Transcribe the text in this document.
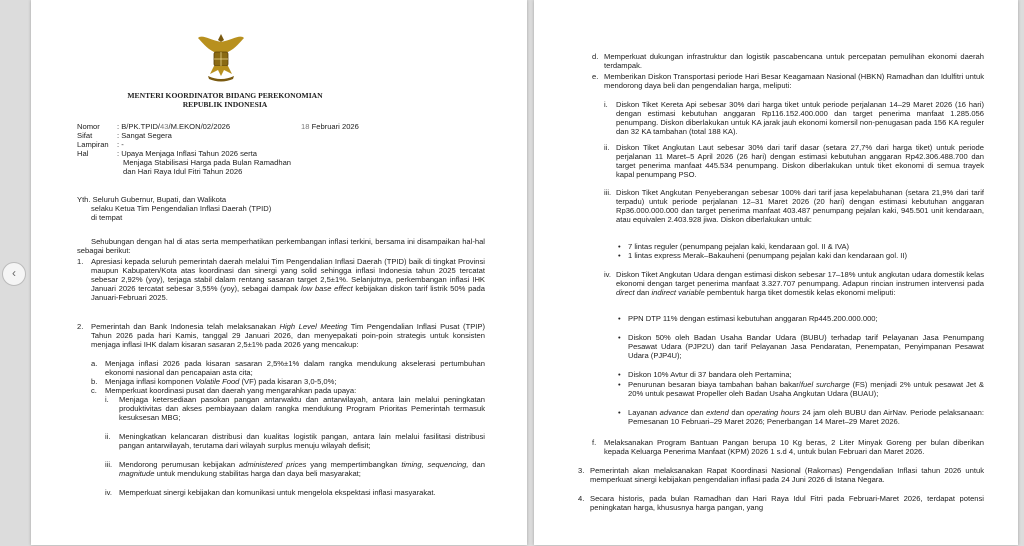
‹
MENTERI KOORDINATOR BIDANG PEREKONOMIAN
REPUBLIK INDONESIA
Nomor : B/PK.TPID/43/M.EKON/02/2026	18 Februari 2026
Sifat	: Sangat Segera
Lampiran : -
Hal	: Upaya Menjaga Inflasi Tahun 2026 serta
Menjaga Stabilisasi Harga pada Bulan Ramadhan
dan Hari Raya Idul Fitri Tahun 2026
Yth. Seluruh Gubernur, Bupati, dan Walikota
selaku Ketua Tim Pengendalian Inflasi Daerah (TPID)
di tempat
Sehubungan dengan hal di atas serta memperhatikan perkembangan inflasi terkini, bersama ini disampaikan hal-hal sebagai berikut:
1. Apresiasi kepada seluruh pemerintah daerah melalui Tim Pengendalian Inflasi Daerah (TPID) baik di tingkat Provinsi maupun Kabupaten/Kota atas koordinasi dan sinergi yang solid sehingga inflasi Indonesia tahun 2025 tercatat sebesar 2,92% (yoy), terjaga stabil dalam rentang sasaran target 2,5±1%. Selanjutnya, perkembangan inflasi IHK Januari 2026 tercatat sebesar 3,55% (yoy), sebagai dampak low base effect kebijakan diskon tarif listrik 50% pada Januari-Februari 2025.
2. Pemerintah dan Bank Indonesia telah melaksanakan High Level Meeting Tim Pengendalian Inflasi Pusat (TPIP) Tahun 2026 pada hari Kamis, tanggal 29 Januari 2026, dan menyepakati poin-poin strategis untuk konsisten menjaga inflasi IHK dalam kisaran sasaran 2,5±1% pada 2026 yang mencakup:
a. Menjaga inflasi 2026 pada kisaran sasaran 2,5%±1% dalam rangka mendukung akselerasi pertumbuhan ekonomi nasional dan pencapaian asta cita;
b. Menjaga inflasi komponen Volatile Food (VF) pada kisaran 3,0-5,0%;
c. Memperkuat koordinasi pusat dan daerah yang mengarahkan pada upaya:
i. Menjaga ketersediaan pasokan pangan antarwaktu dan antarwilayah, antara lain melalui peningkatan produktivitas dan akses pembiayaan dalam rangka mendukung Program Prioritas Pemerintah termasuk kesuksesan MBG;
ii. Meningkatkan kelancaran distribusi dan kualitas logistik pangan, antara lain melalui fasilitasi distribusi pangan antarwilayah, terutama dari wilayah surplus menuju wilayah defisit;
iii. Mendorong perumusan kebijakan administered prices yang mempertimbangkan timing, sequencing, dan magnitude untuk mendukung stabilitas harga dan daya beli masyarakat;
iv. Memperkuat sinergi kebijakan dan komunikasi untuk mengelola ekspektasi inflasi masyarakat.
d. Memperkuat dukungan infrastruktur dan logistik pascabencana untuk percepatan pemulihan ekonomi daerah terdampak.
e. Memberikan Diskon Transportasi periode Hari Besar Keagamaan Nasional (HBKN) Ramadhan dan Idulfitri untuk mendorong daya beli dan pengendalian harga, meliputi:
i. Diskon Tiket Kereta Api sebesar 30% dari harga tiket untuk periode perjalanan 14–29 Maret 2026 (16 hari) dengan estimasi kebutuhan anggaran Rp116.152.400.000 dan target penerima manfaat 1.285.056 penumpang. Diskon diberlakukan untuk KA jarak jauh ekonomi komersil non-penugasan pada 156 KA reguler dan 32 KA tambahan (total 188 KA).
ii. Diskon Tiket Angkutan Laut sebesar 30% dari tarif dasar (setara 27,7% dari harga tiket) untuk periode perjalanan 11 Maret–5 April 2026 (26 hari) dengan estimasi kebutuhan anggaran Rp42.306.488.700 dan target penerima manfaat 445.534 penumpang. Diskon diberlakukan untuk tiket ekonomi di semua trayek kapal penumpang PSO.
iii. Diskon Tiket Angkutan Penyeberangan sebesar 100% dari tarif jasa kepelabuhanan (setara 21,9% dari tarif terpadu) untuk periode perjalanan 12–31 Maret 2026 (20 hari) dengan estimasi kebutuhan anggaran Rp36.000.000.000 dan target penerima manfaat 403.487 penumpang pejalan kaki, 945.501 unit kendaraan, atau equivalen 2.403.928 jiwa. Diskon diberlakukan untuk:
• 7 lintas reguler (penumpang pejalan kaki, kendaraan gol. II & IVA)
• 1 lintas express Merak–Bakauheni (penumpang pejalan kaki dan kendaraan gol. II)
iv. Diskon Tiket Angkutan Udara dengan estimasi diskon sebesar 17–18% untuk angkutan udara domestik kelas ekonomi dengan target penerima manfaat 3.327.707 penumpang. Adapun rincian instrumen intervensi pada direct dan indirect variable pembentuk harga tiket domestik kelas ekonomi meliputi:
• PPN DTP 11% dengan estimasi kebutuhan anggaran Rp445.200.000.000;
• Diskon 50% oleh Badan Usaha Bandar Udara (BUBU) terhadap tarif Pelayanan Jasa Penumpang Pesawat Udara (PJP2U) dan tarif Pelayanan Jasa Pendaratan, Penempatan, Penyimpanan Pesawat Udara (PJP4U);
• Diskon 10% Avtur di 37 bandara oleh Pertamina;
• Penurunan besaran biaya tambahan bahan bakar/fuel surcharge (FS) menjadi 2% untuk pesawat Jet & 20% untuk pesawat Propeller oleh Badan Usaha Angkutan Udara (BUAU);
• Layanan advance dan extend dan operating hours 24 jam oleh BUBU dan AirNav. Periode pelaksanaan: Pemesanan 10 Februari–29 Maret 2026; Penerbangan 14 Maret–29 Maret 2026.
f. Melaksanakan Program Bantuan Pangan berupa 10 Kg beras, 2 Liter Minyak Goreng per bulan diberikan kepada Keluarga Penerima Manfaat (KPM) 2026 1 s.d 4, untuk bulan Februari dan Maret 2026.
3. Pemerintah akan melaksanakan Rapat Koordinasi Nasional (Rakornas) Pengendalian Inflasi tahun 2026 untuk memperkuat sinergi kebijakan pengendalian inflasi pada 24 Juni 2026 di Istana Negara.
4. Secara historis, pada bulan Ramadhan dan Hari Raya Idul Fitri pada Februari-Maret 2026, terdapat potensi peningkatan harga, khususnya harga pangan, yang
